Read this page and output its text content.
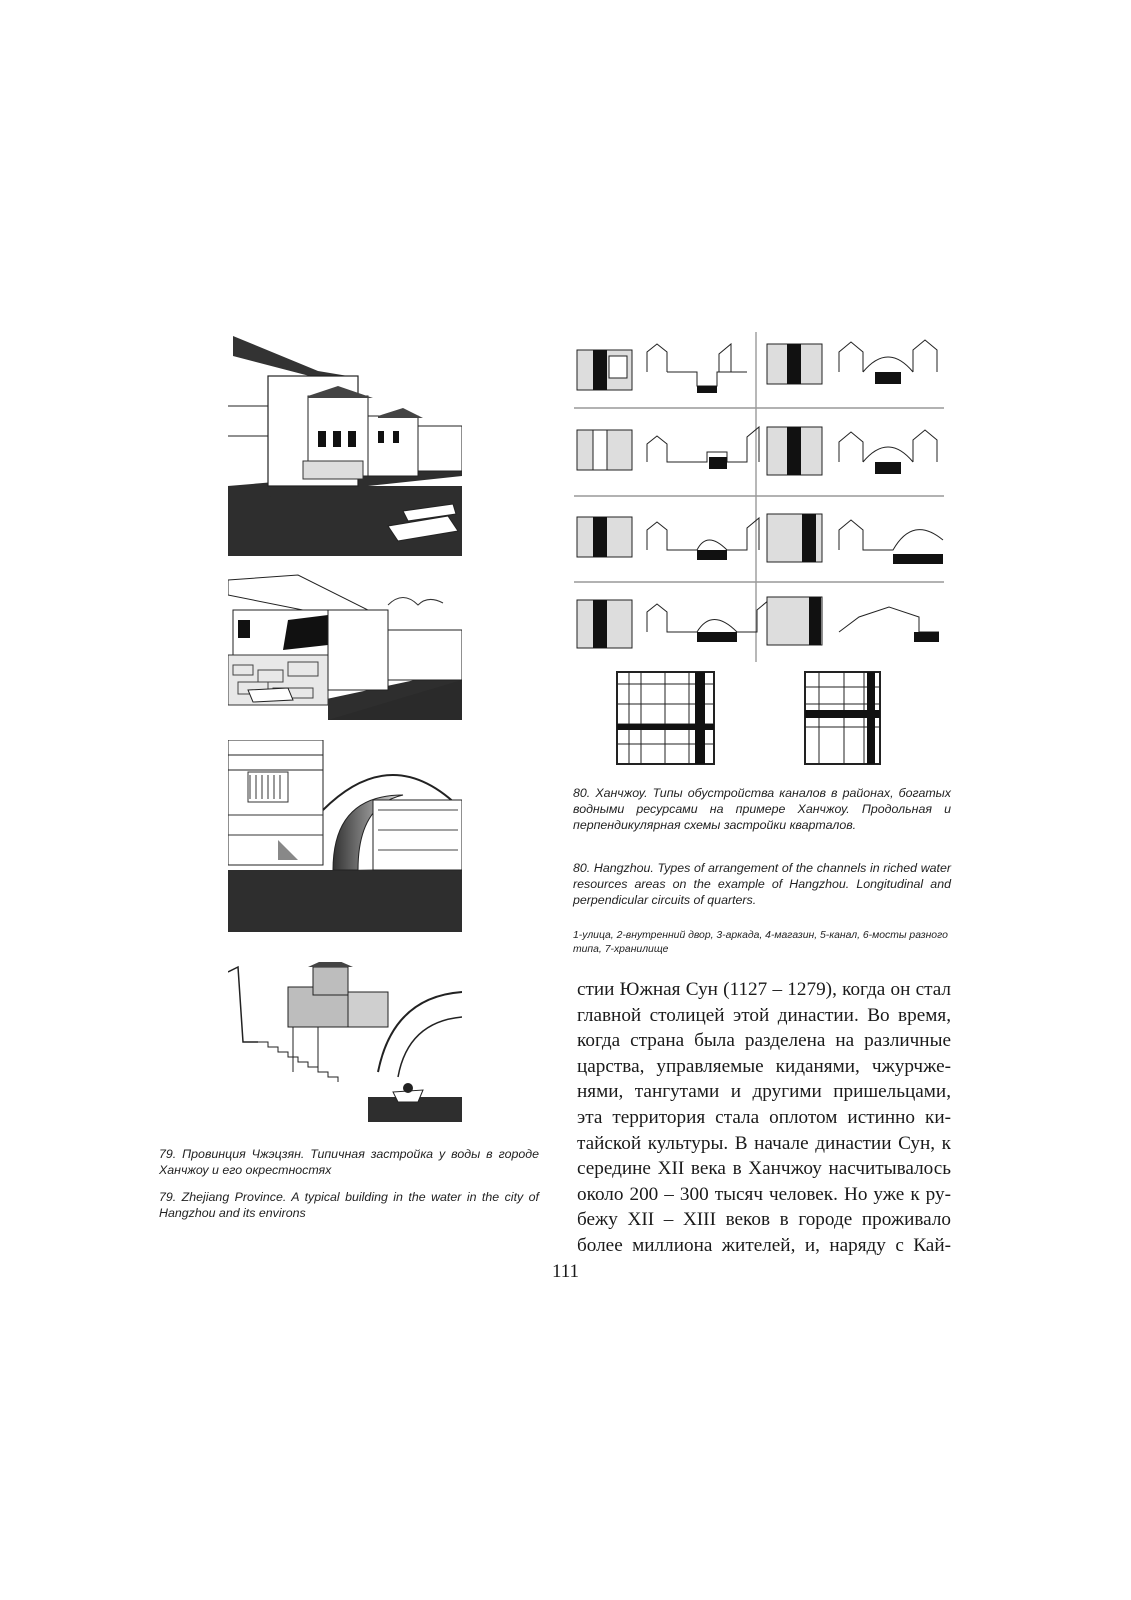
79. Провинция Чжэцзян. Типичная застройка у воды в городе Ханчжоу и его окрестностях
79. Zhejiang Province. A typical building in the water in the city of Hangzhou and its environs
80. Ханчжоу. Типы обустройства каналов в районах, богатых водными ресурсами на примере Ханчжоу. Продольная и перпендикулярная схемы застройки кварталов.
80. Hangzhou. Types of arrangement of the channels in riched water resources areas on the example of Hangzhou. Longitudinal and perpendicular circuits of quarters.
1-улица, 2-внутренний двор, 3-аркада, 4-магазин, 5-канал, 6-мосты разного типа, 7-хранилище
стии Южная Сун (1127 – 1279), когда он стал
главной столицей этой династии. Во время,
когда страна была разделена на различные
царства, управляемые киданями, чжурчже-
нями, тангутами и другими пришельцами,
эта территория стала оплотом истинно ки-
тайской культуры. В начале династии Сун, к
середине XII века в Ханчжоу насчитывалось
около 200 – 300 тысяч человек. Но уже к ру-
бежу XII – XIII веков в городе проживало
более миллиона жителей, и, наряду с Кай-
111
